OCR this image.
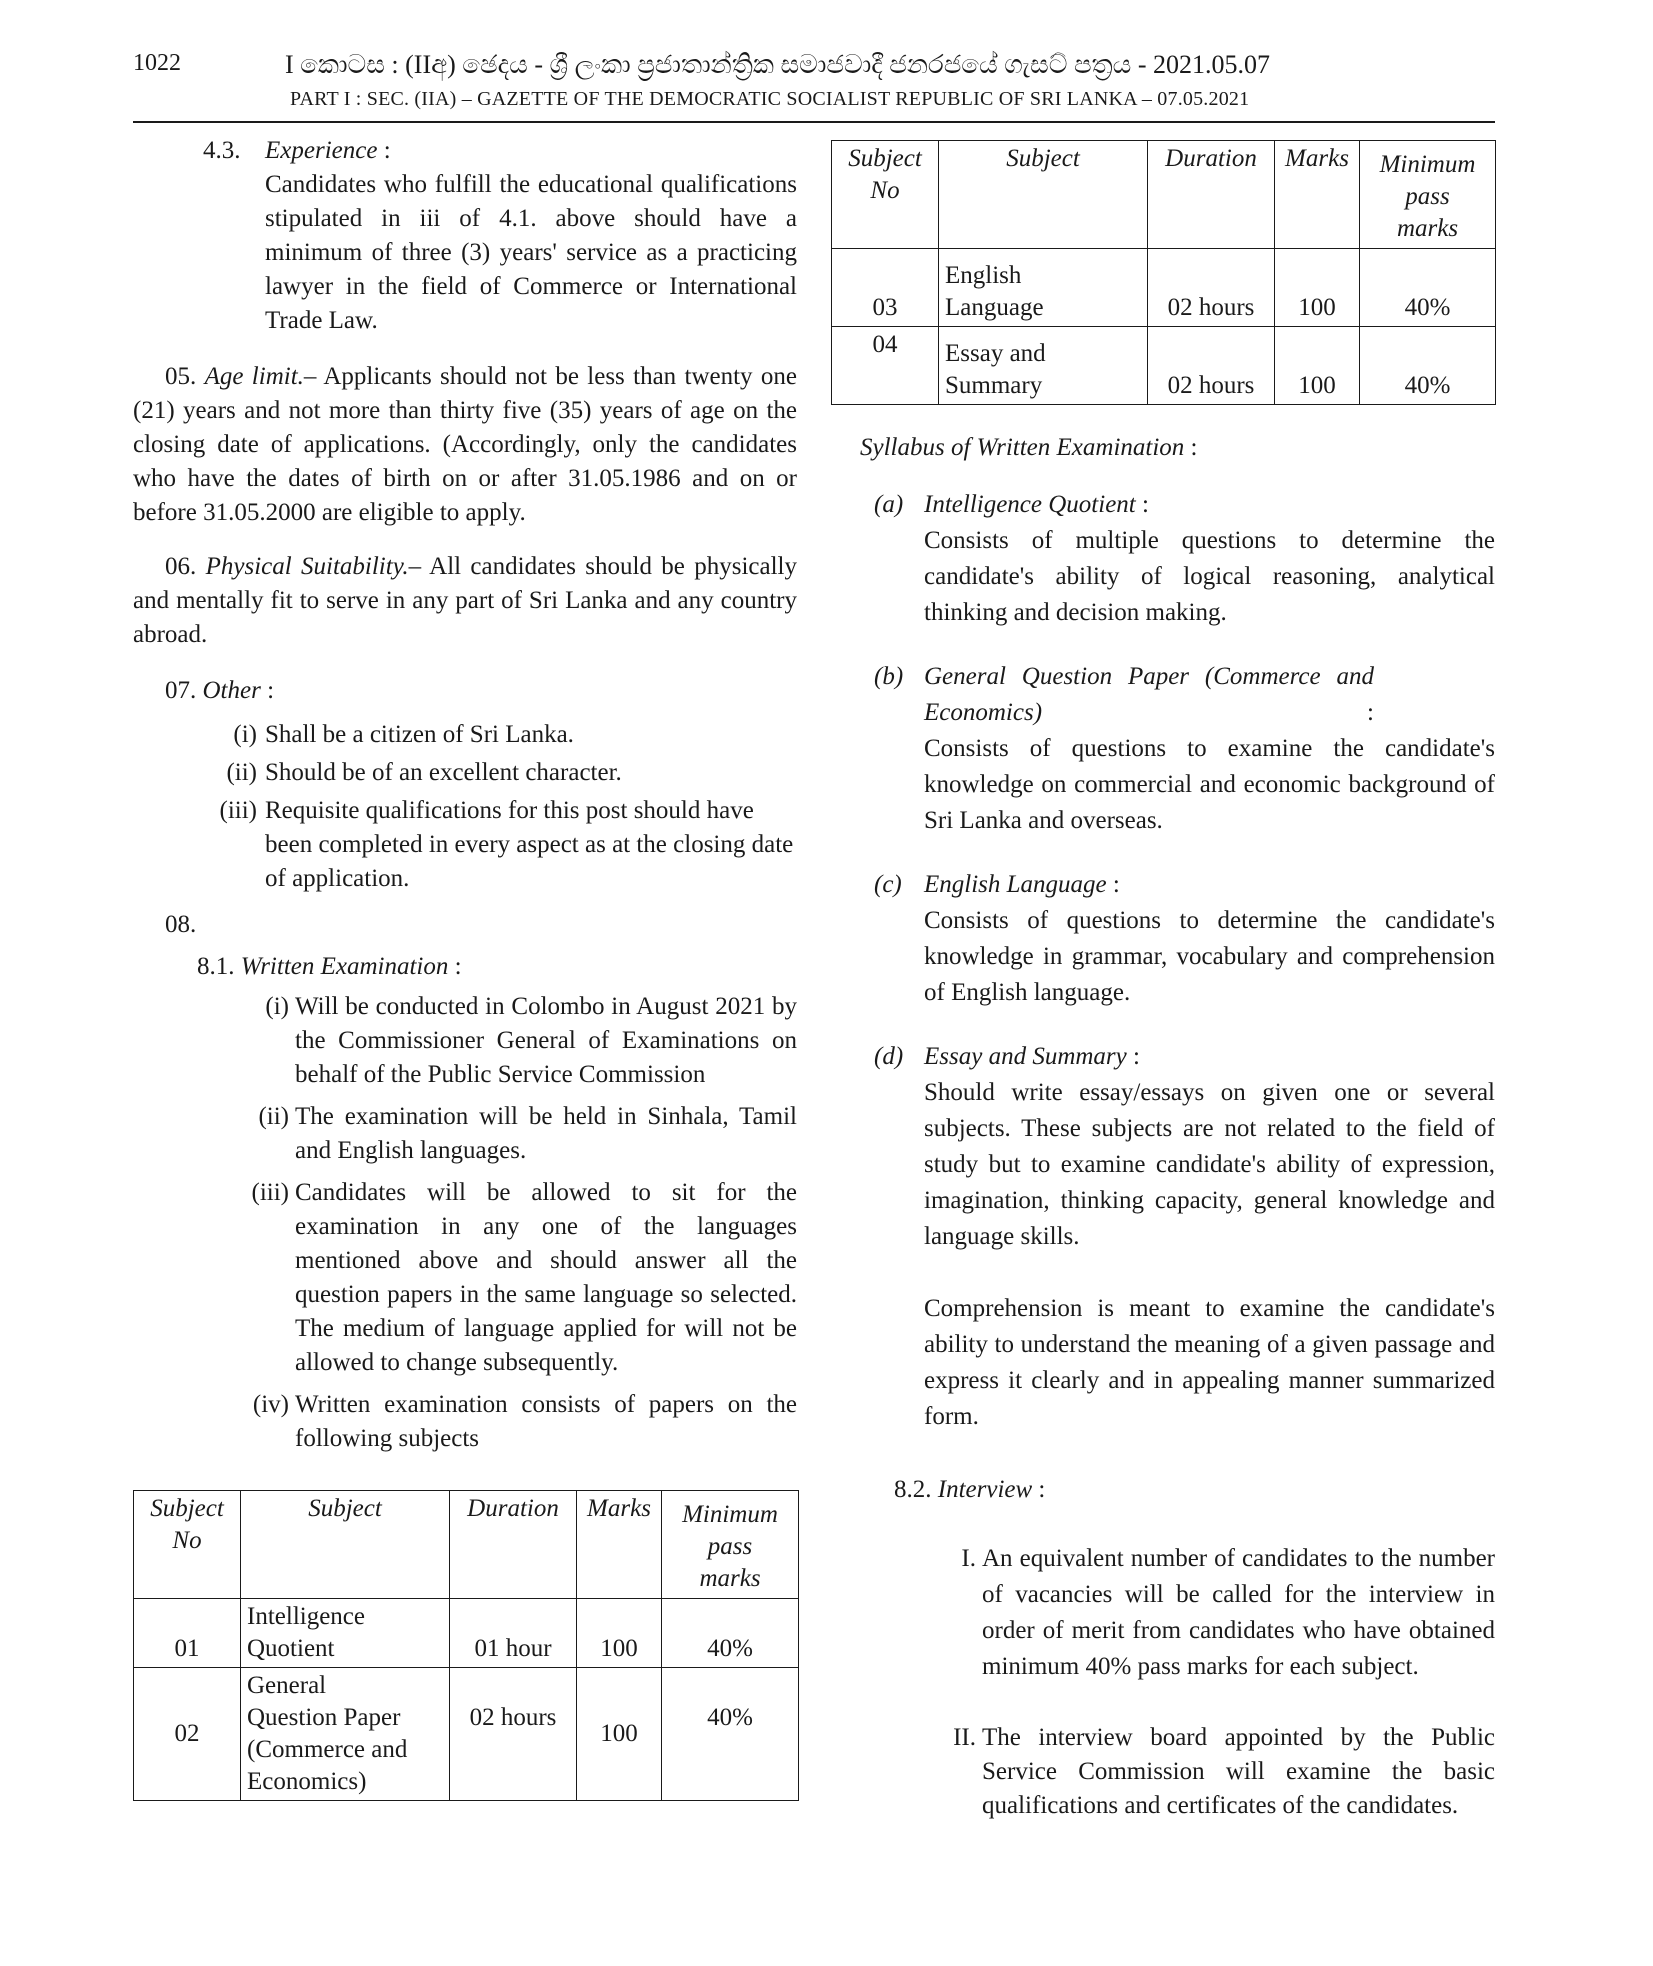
1022	I කොටස : (IIඅ) ඡෙදය - ශ්‍රී ලංකා ප්‍රජාතාන්ත්‍රික සමාජවාදී ජනරජයේ ගැසට් පත්‍රය - 2021.05.07
PART I : SEC. (IIA) – GAZETTE OF THE DEMOCRATIC SOCIALIST REPUBLIC OF SRI LANKA – 07.05.2021
4.3. Experience :
Candidates who fulfill the educational qualifications stipulated in iii of 4.1. above should have a minimum of three (3) years' service as a practicing lawyer in the field of Commerce or International Trade Law.
05. Age limit.– Applicants should not be less than twenty one (21) years and not more than thirty five (35) years of age on the closing date of applications. (Accordingly, only the candidates who have the dates of birth on or after 31.05.1986 and on or before 31.05.2000 are eligible to apply.
06. Physical Suitability.– All candidates should be physically and mentally fit to serve in any part of Sri Lanka and any country abroad.
07. Other :
(i) Shall be a citizen of Sri Lanka.
(ii) Should be of an excellent character.
(iii) Requisite qualifications for this post should have been completed in every aspect as at the closing date of application.
08.
8.1. Written Examination :
(i) Will be conducted in Colombo in August 2021 by the Commissioner General of Examinations on behalf of the Public Service Commission
(ii) The examination will be held in Sinhala, Tamil and English languages.
(iii) Candidates will be allowed to sit for the examination in any one of the languages mentioned above and should answer all the question papers in the same language so selected. The medium of language applied for will not be allowed to change subsequently.
(iv) Written examination consists of papers on the following subjects
Subject
No	Subject	Duration	Marks	Minimum
pass
marks
01	Intelligence
Quotient	01 hour	100	40%
02	General
Question Paper
(Commerce and
Economics)	02 hours	100	40%
Subject
No	Subject	Duration	Marks	Minimum
pass
marks
03	English
Language	02 hours	100	40%
04	Essay and
Summary	02 hours	100	40%
Syllabus of Written Examination :
(a) Intelligence Quotient :
Consists of multiple questions to determine the candidate's ability of logical reasoning, analytical thinking and decision making.
(b) General Question Paper (Commerce and Economics) :
Consists of questions to examine the candidate's knowledge on commercial and economic background of Sri Lanka and overseas.
(c) English Language :
Consists of questions to determine the candidate's knowledge in grammar, vocabulary and comprehension of English language.
(d) Essay and Summary :
Should write essay/essays on given one or several subjects. These subjects are not related to the field of study but to examine candidate's ability of expression, imagination, thinking capacity, general knowledge and language skills.
Comprehension is meant to examine the candidate's ability to understand the meaning of a given passage and express it clearly and in appealing manner summarized form.
8.2. Interview :
I. An equivalent number of candidates to the number of vacancies will be called for the interview in order of merit from candidates who have obtained minimum 40% pass marks for each subject.
II. The interview board appointed by the Public Service Commission will examine the basic qualifications and certificates of the candidates.
